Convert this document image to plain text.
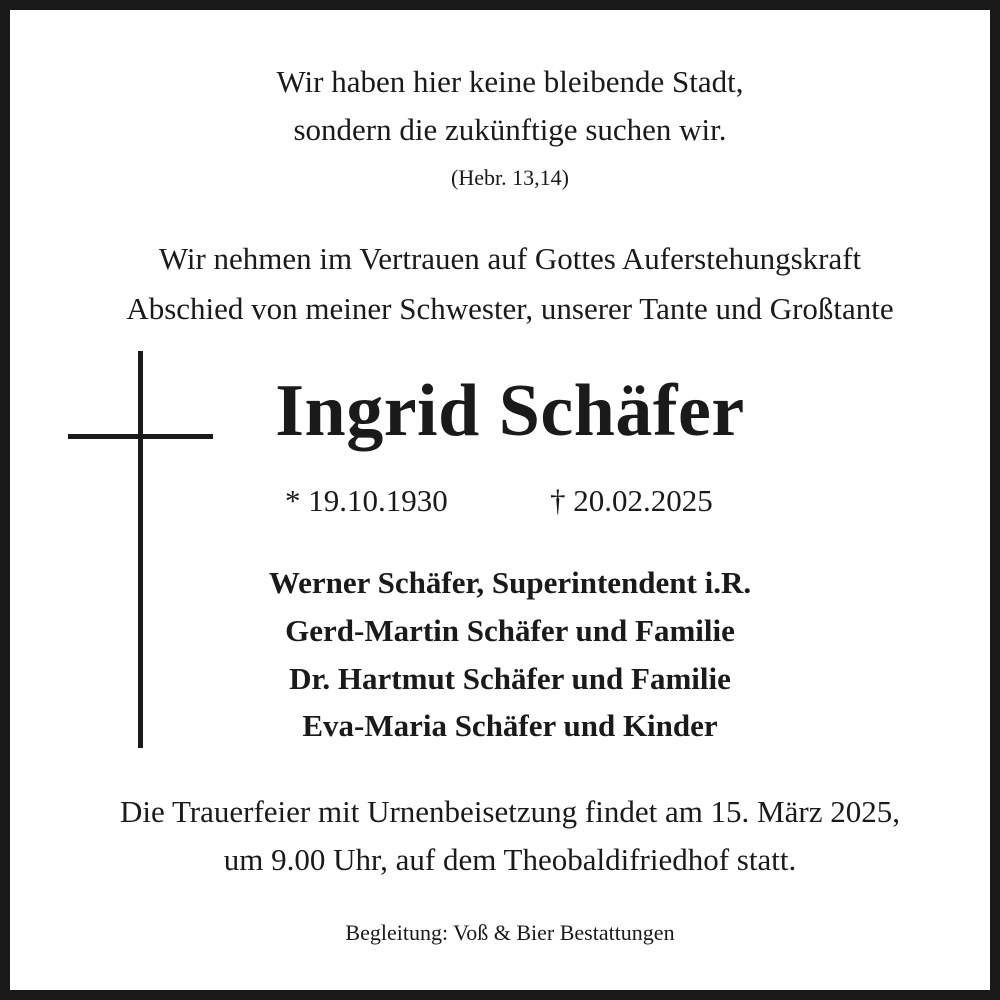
Wir haben hier keine bleibende Stadt,
sondern die zukünftige suchen wir.
(Hebr. 13,14)
Wir nehmen im Vertrauen auf Gottes Auferstehungskraft
Abschied von meiner Schwester, unserer Tante und Großtante
Ingrid Schäfer
* 19.10.1930	† 20.02.2025
Werner Schäfer, Superintendent i.R.
Gerd-Martin Schäfer und Familie
Dr. Hartmut Schäfer und Familie
Eva-Maria Schäfer und Kinder
Die Trauerfeier mit Urnenbeisetzung findet am 15. März 2025,
um 9.00 Uhr, auf dem Theobaldifriedhof statt.
Begleitung: Voß & Bier Bestattungen
